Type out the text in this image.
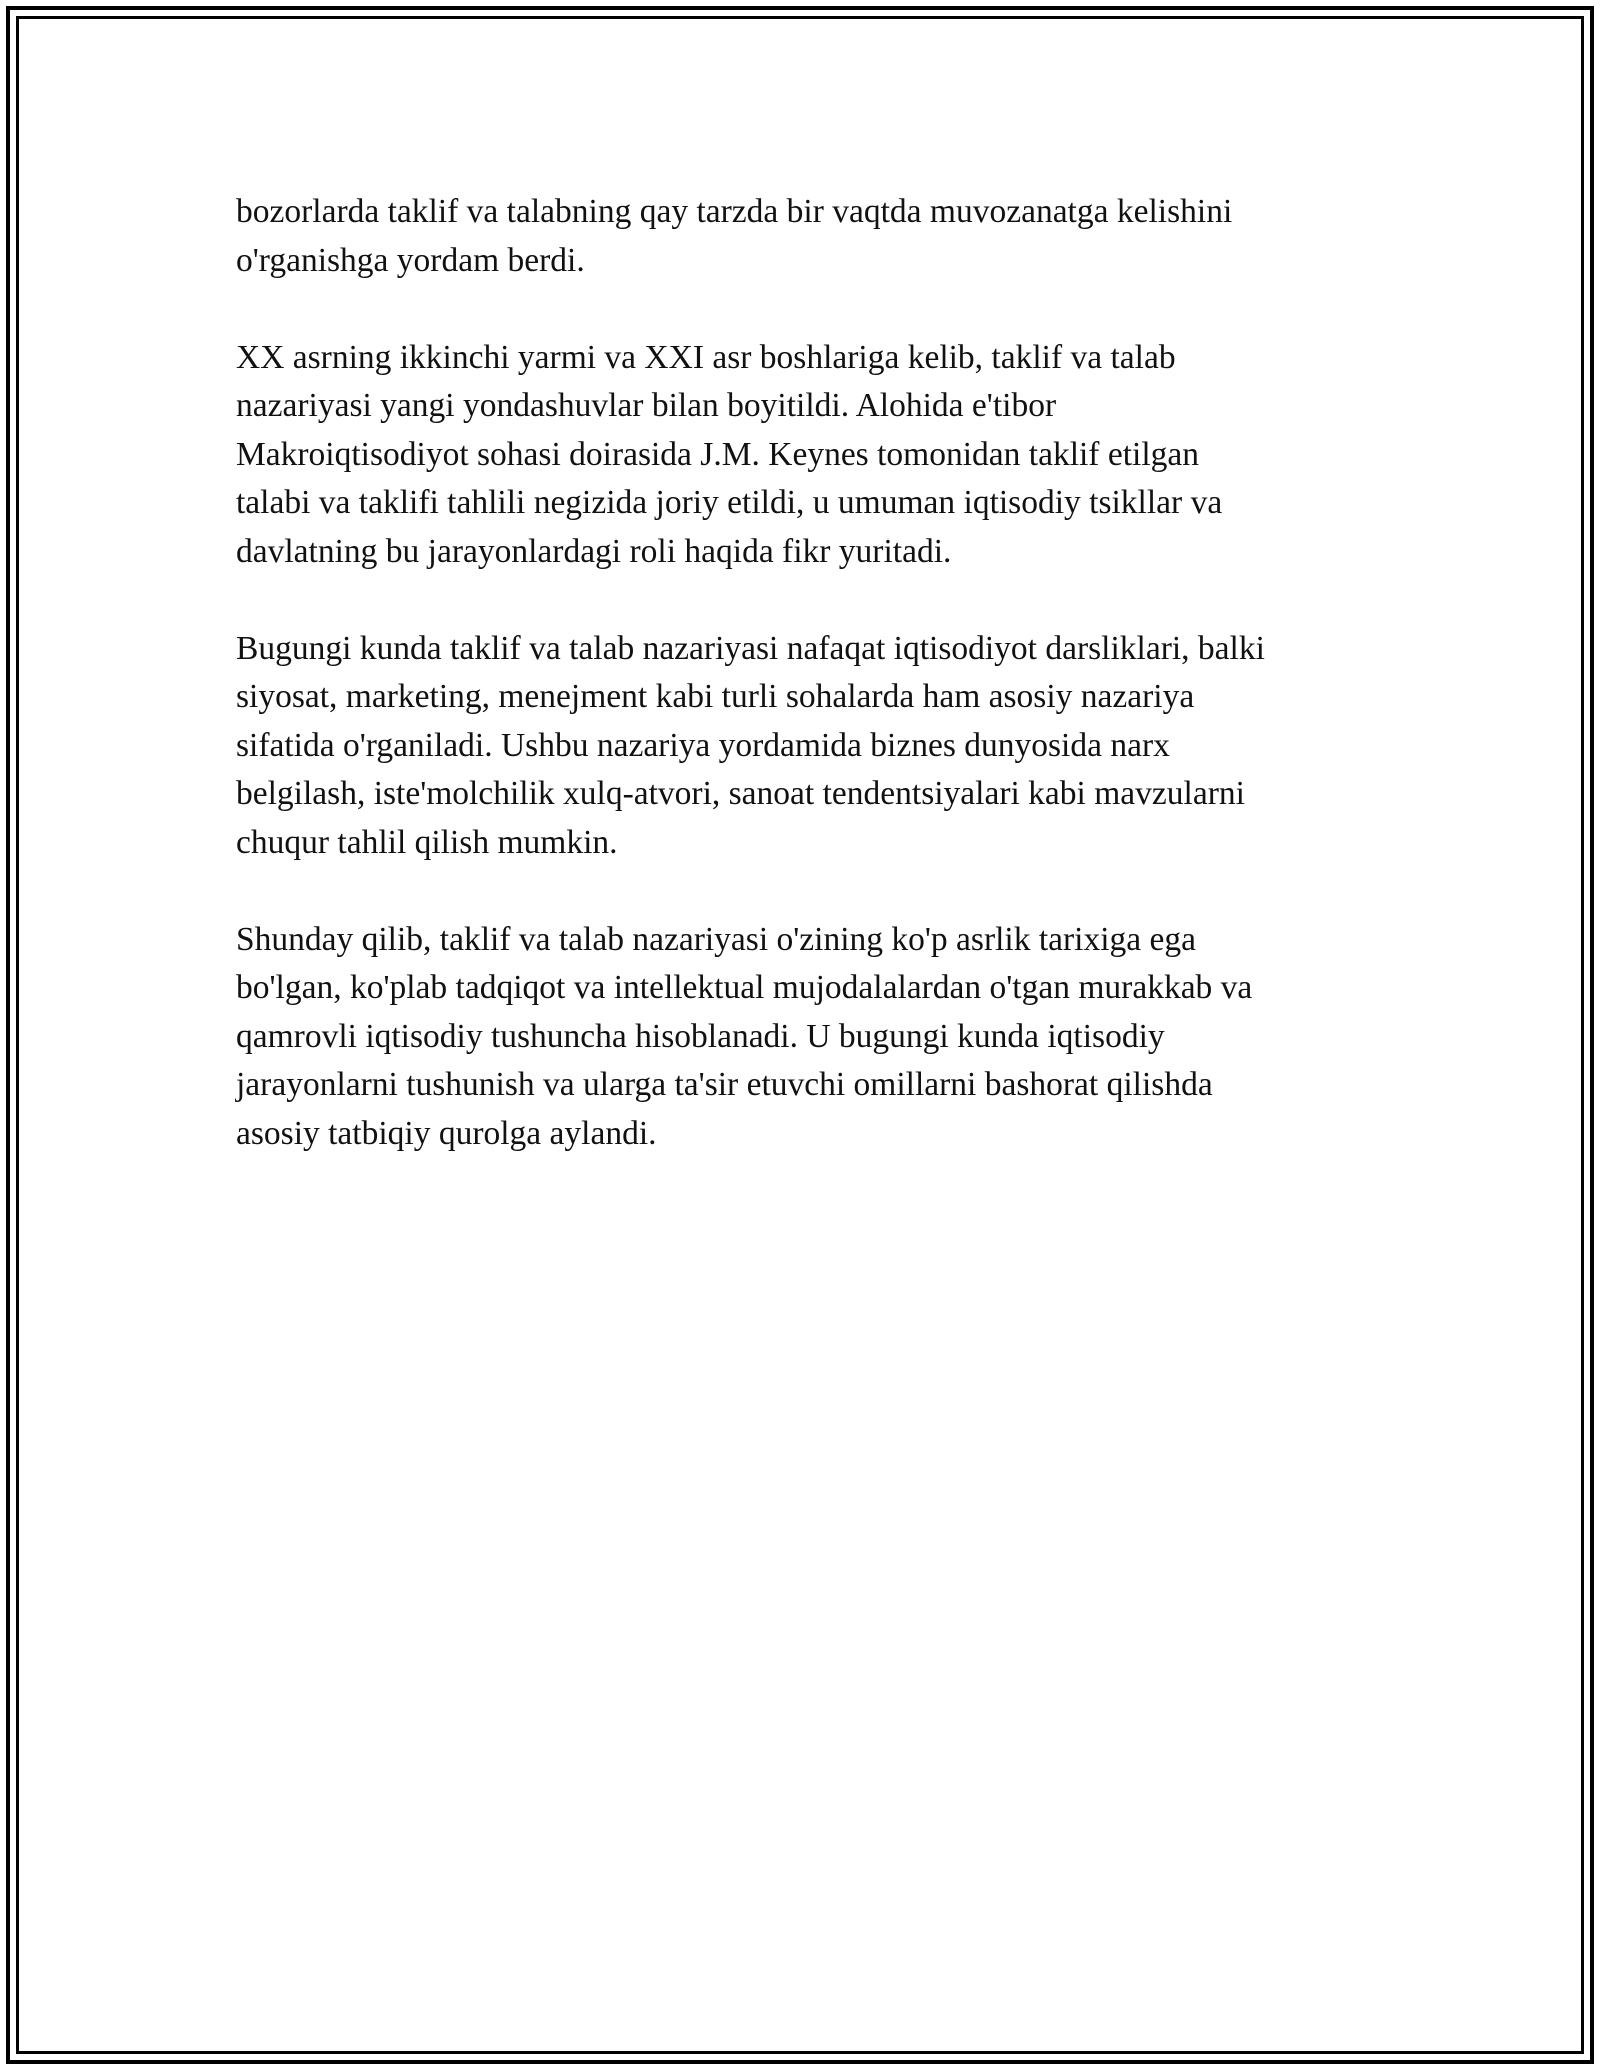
bozorlarda taklif va talabning qay tarzda bir vaqtda muvozanatga kelishini
o'rganishga yordam berdi.

XX asrning ikkinchi yarmi va XXI asr boshlariga kelib, taklif va talab
nazariyasi yangi yondashuvlar bilan boyitildi. Alohida e'tibor
Makroiqtisodiyot sohasi doirasida J.M. Keynes tomonidan taklif etilgan
talabi va taklifi tahlili negizida joriy etildi, u umuman iqtisodiy tsikllar va
davlatning bu jarayonlardagi roli haqida fikr yuritadi.

Bugungi kunda taklif va talab nazariyasi nafaqat iqtisodiyot darsliklari, balki
siyosat, marketing, menejment kabi turli sohalarda ham asosiy nazariya
sifatida o'rganiladi. Ushbu nazariya yordamida biznes dunyosida narx
belgilash, iste'molchilik xulq-atvori, sanoat tendentsiyalari kabi mavzularni
chuqur tahlil qilish mumkin.

Shunday qilib, taklif va talab nazariyasi o'zining ko'p asrlik tarixiga ega
bo'lgan, ko'plab tadqiqot va intellektual mujodalalardan o'tgan murakkab va
qamrovli iqtisodiy tushuncha hisoblanadi. U bugungi kunda iqtisodiy
jarayonlarni tushunish va ularga ta'sir etuvchi omillarni bashorat qilishda
asosiy tatbiqiy qurolga aylandi.
